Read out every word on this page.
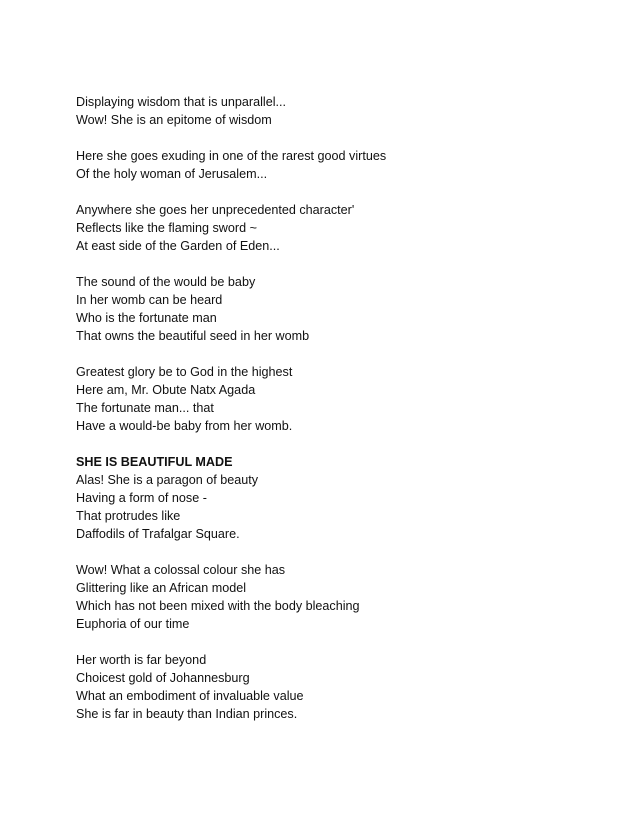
Displaying wisdom that is unparallel...
Wow! She is an epitome of wisdom
Here she goes exuding in one of the rarest good virtues
Of the holy woman of Jerusalem...
Anywhere she goes her unprecedented character'
Reflects like the flaming sword ~
At east side of the Garden of Eden...
The sound of the would be baby
In her womb can be heard
Who is the fortunate man
That owns the beautiful seed in her womb
Greatest glory be to God in the highest
Here am, Mr. Obute Natx Agada
The fortunate man... that
Have a would-be baby from her womb.
SHE IS BEAUTIFUL MADE
Alas! She is a paragon of beauty
Having a form of nose -
That protrudes like
Daffodils of Trafalgar Square.
Wow! What a colossal colour she has
Glittering like an African model
Which has not been mixed with the body bleaching
Euphoria of our time
Her worth is far beyond
Choicest gold of Johannesburg
What an embodiment of invaluable value
She is far in beauty than Indian princes.
